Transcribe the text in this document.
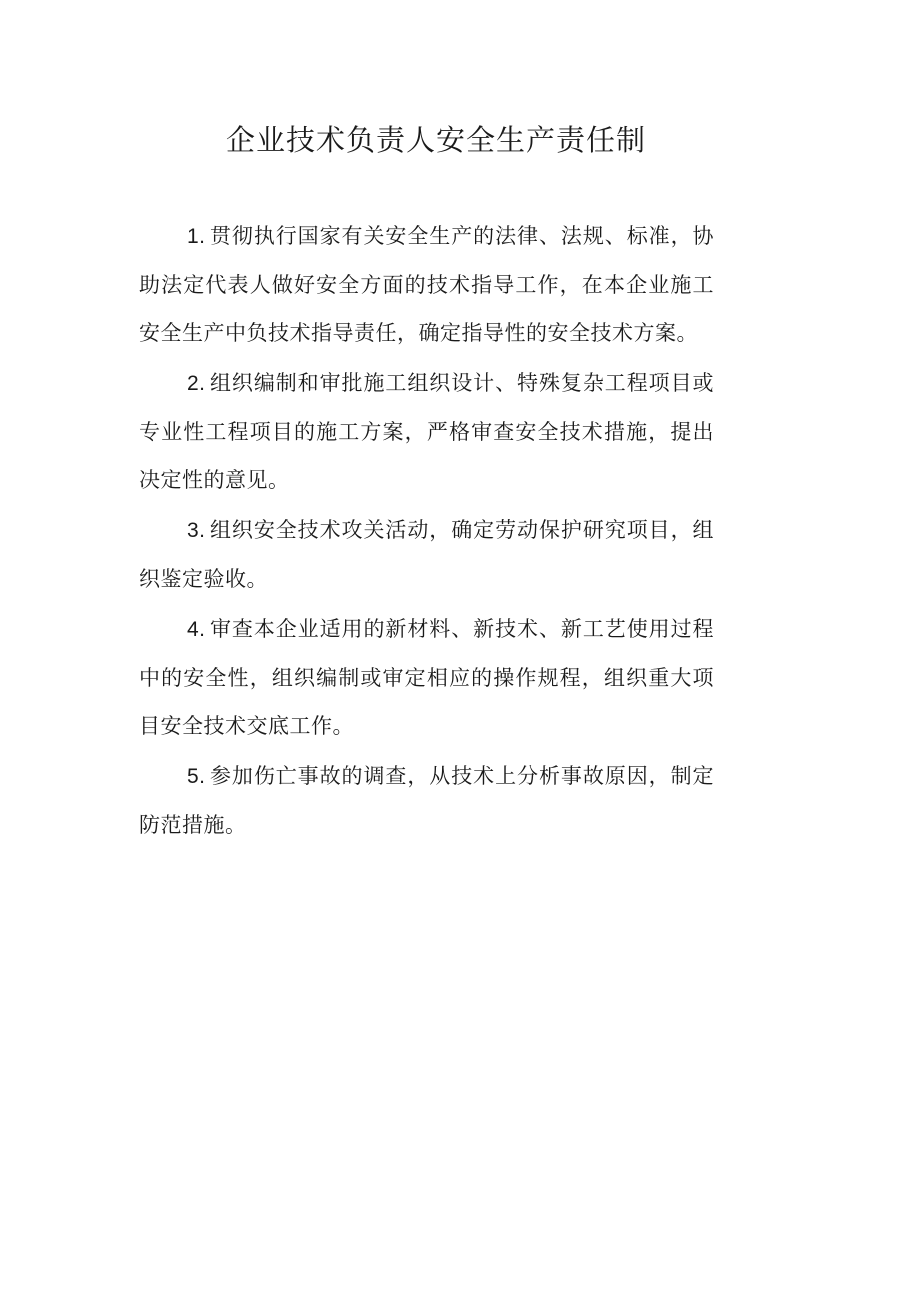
企业技术负责人安全生产责任制
1. 贯彻执行国家有关安全生产的法律、法规、标准，协助法定代表人做好安全方面的技术指导工作，在本企业施工安全生产中负技术指导责任，确定指导性的安全技术方案。
2. 组织编制和审批施工组织设计、特殊复杂工程项目或专业性工程项目的施工方案，严格审查安全技术措施，提出决定性的意见。
3. 组织安全技术攻关活动，确定劳动保护研究项目，组织鉴定验收。
4. 审查本企业适用的新材料、新技术、新工艺使用过程中的安全性，组织编制或审定相应的操作规程，组织重大项目安全技术交底工作。
5. 参加伤亡事故的调查，从技术上分析事故原因，制定防范措施。
